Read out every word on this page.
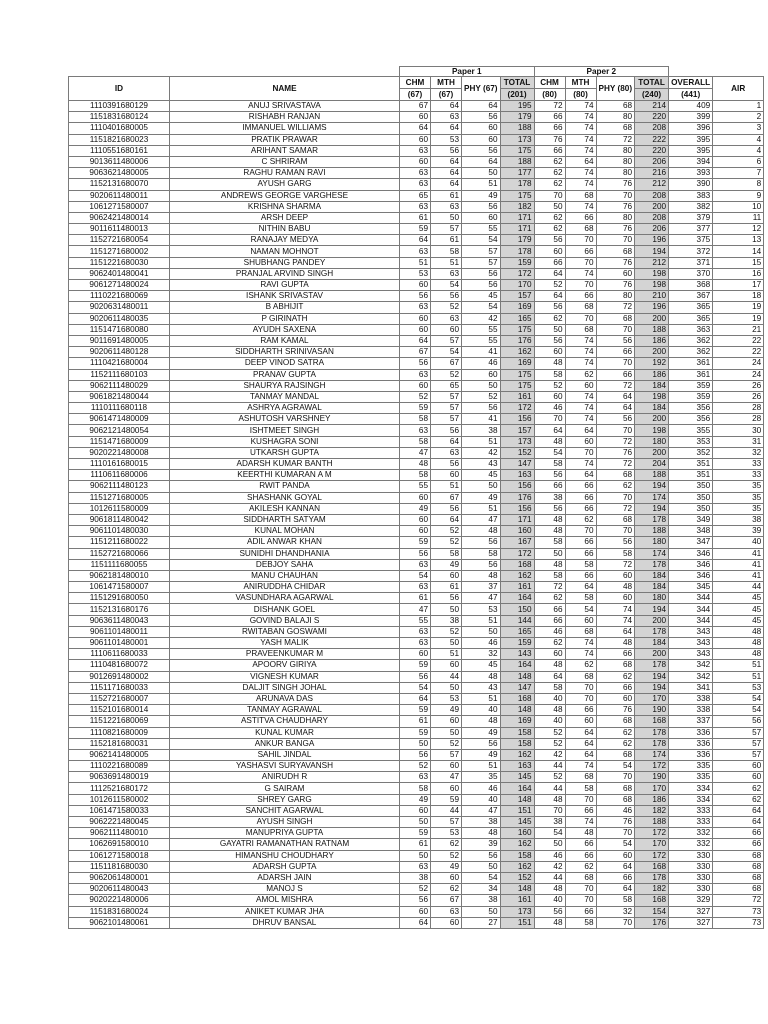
		Paper 1				Paper 2					
ID	NAME	CHM	MTH	PHY (67)	TOTAL	CHM	MTH	PHY (80)	TOTAL	OVERALL	AIR
		(67)	(67)		(201)	(80)	(80)		(240)	(441)	
1110391680129	ANUJ SRIVASTAVA	67	64	64	195	72	74	68	214	409	1
1151831680124	RISHABH RANJAN	60	63	56	179	66	74	80	220	399	2
1110401680005	IMMANUEL WILLIAMS	64	64	60	188	66	74	68	208	396	3
1151821680023	PRATIK PRAWAR	60	53	60	173	76	74	72	222	395	4
1110551680161	ARIHANT SAMAR	63	56	56	175	66	74	80	220	395	4
9013611480006	C SHRIRAM	60	64	64	188	62	64	80	206	394	6
9063621480005	RAGHU RAMAN RAVI	63	64	50	177	62	74	80	216	393	7
1152131680070	AYUSH GARG	63	64	51	178	62	74	76	212	390	8
9020611480011	ANDREWS GEORGE VARGHESE	65	61	49	175	70	68	70	208	383	9
1061271580007	KRISHNA SHARMA	63	63	56	182	50	74	76	200	382	10
9062421480014	ARSH DEEP	61	50	60	171	62	66	80	208	379	11
9011611480013	NITHIN BABU	59	57	55	171	62	68	76	206	377	12
1152721680054	RANAJAY MEDYA	64	61	54	179	56	70	70	196	375	13
1151271680002	NAMAN MOHNOT	63	58	57	178	60	66	68	194	372	14
1151221680030	SHUBHANG PANDEY	51	51	57	159	66	70	76	212	371	15
9062401480041	PRANJAL ARVIND SINGH	53	63	56	172	64	74	60	198	370	16
9061271480024	RAVI GUPTA	60	54	56	170	52	70	76	198	368	17
1110221680069	ISHANK SRIVASTAV	56	56	45	157	64	66	80	210	367	18
9020631480011	B ABHIJIT	63	52	54	169	56	68	72	196	365	19
9020611480035	P GIRINATH	60	63	42	165	62	70	68	200	365	19
1151471680080	AYUDH SAXENA	60	60	55	175	50	68	70	188	363	21
9011691480005	RAM KAMAL	64	57	55	176	56	74	56	186	362	22
9020611480128	SIDDHARTH SRINIVASAN	67	54	41	162	60	74	66	200	362	22
1110421680004	DEEP VINOD SATRA	56	67	46	169	48	74	70	192	361	24
1152111680103	PRANAV GUPTA	63	52	60	175	58	62	66	186	361	24
9062111480029	SHAURYA RAJSINGH	60	65	50	175	52	60	72	184	359	26
9061821480044	TANMAY MANDAL	52	57	52	161	60	74	64	198	359	26
1110111680118	ASHRYA AGRAWAL	59	57	56	172	46	74	64	184	356	28
9061471480009	ASHUTOSH VARSHNEY	58	57	41	156	70	74	56	200	356	28
9062121480054	ISHTMEET SINGH	63	56	38	157	64	64	70	198	355	30
1151471680009	KUSHAGRA SONI	58	64	51	173	48	60	72	180	353	31
9020221480008	UTKARSH GUPTA	47	63	42	152	54	70	76	200	352	32
1110161680015	ADARSH KUMAR BANTH	48	56	43	147	58	74	72	204	351	33
1110611680006	KEERTHI KUMARAN A M	58	60	45	163	56	64	68	188	351	33
9062111480123	RWIT PANDA	55	51	50	156	66	66	62	194	350	35
1151271680005	SHASHANK GOYAL	60	67	49	176	38	66	70	174	350	35
1012611580009	AKILESH KANNAN	49	56	51	156	56	66	72	194	350	35
9061811480042	SIDDHARTH SATYAM	60	64	47	171	48	62	68	178	349	38
9061101480030	KUNAL MOHAN	60	52	48	160	48	70	70	188	348	39
1151211680022	ADIL ANWAR KHAN	59	52	56	167	58	66	56	180	347	40
1152721680066	SUNIDHI DHANDHANIA	56	58	58	172	50	66	58	174	346	41
1151111680055	DEBJOY SAHA	63	49	56	168	48	58	72	178	346	41
9062181480010	MANU CHAUHAN	54	60	48	162	58	66	60	184	346	41
1061471580007	ANIRUDDHA CHIDAR	63	61	37	161	72	64	48	184	345	44
1151291680050	VASUNDHARA AGARWAL	61	56	47	164	62	58	60	180	344	45
1152131680176	DISHANK GOEL	47	50	53	150	66	54	74	194	344	45
9063611480043	GOVIND BALAJI S	55	38	51	144	66	60	74	200	344	45
9061101480011	RWITABAN GOSWAMI	63	52	50	165	46	68	64	178	343	48
9061101480001	YASH MALIK	63	50	46	159	62	74	48	184	343	48
1110611680033	PRAVEENKUMAR M	60	51	32	143	60	74	66	200	343	48
1110481680072	APOORV GIRIYA	59	60	45	164	48	62	68	178	342	51
9012691480002	VIGNESH KUMAR	56	44	48	148	64	68	62	194	342	51
1151171680033	DALJIT SINGH JOHAL	54	50	43	147	58	70	66	194	341	53
1152721680007	ARUNAVA DAS	64	53	51	168	40	70	60	170	338	54
1152101680014	TANMAY AGRAWAL	59	49	40	148	48	66	76	190	338	54
1151221680069	ASTITVA CHAUDHARY	61	60	48	169	40	60	68	168	337	56
1110821680009	KUNAL KUMAR	59	50	49	158	52	64	62	178	336	57
1152181680031	ANKUR BANGA	50	52	56	158	52	64	62	178	336	57
9062141480005	SAHIL JINDAL	56	57	49	162	42	64	68	174	336	57
1110221680089	YASHASVI SURYAVANSH	52	60	51	163	44	74	54	172	335	60
9063691480019	ANIRUDH R	63	47	35	145	52	68	70	190	335	60
1112521680172	G SAIRAM	58	60	46	164	44	58	68	170	334	62
1012611580002	SHREY GARG	49	59	40	148	48	70	68	186	334	62
1061471580033	SANCHIT AGARWAL	60	44	47	151	70	66	46	182	333	64
9062221480045	AYUSH SINGH	50	57	38	145	38	74	76	188	333	64
9062111480010	MANUPRIYA GUPTA	59	53	48	160	54	48	70	172	332	66
1062691580010	GAYATRI RAMANATHAN RATNAM	61	62	39	162	50	66	54	170	332	66
1061271580018	HIMANSHU CHOUDHARY	50	52	56	158	46	66	60	172	330	68
1151181680030	ADARSH GUPTA	63	49	50	162	42	62	64	168	330	68
9062061480001	ADARSH JAIN	38	60	54	152	44	68	66	178	330	68
9020611480043	MANOJ S	52	62	34	148	48	70	64	182	330	68
9020221480006	AMOL MISHRA	56	67	38	161	40	70	58	168	329	72
1151831680024	ANIKET KUMAR JHA	60	63	50	173	56	66	32	154	327	73
9062101480061	DHRUV BANSAL	64	60	27	151	48	58	70	176	327	73
